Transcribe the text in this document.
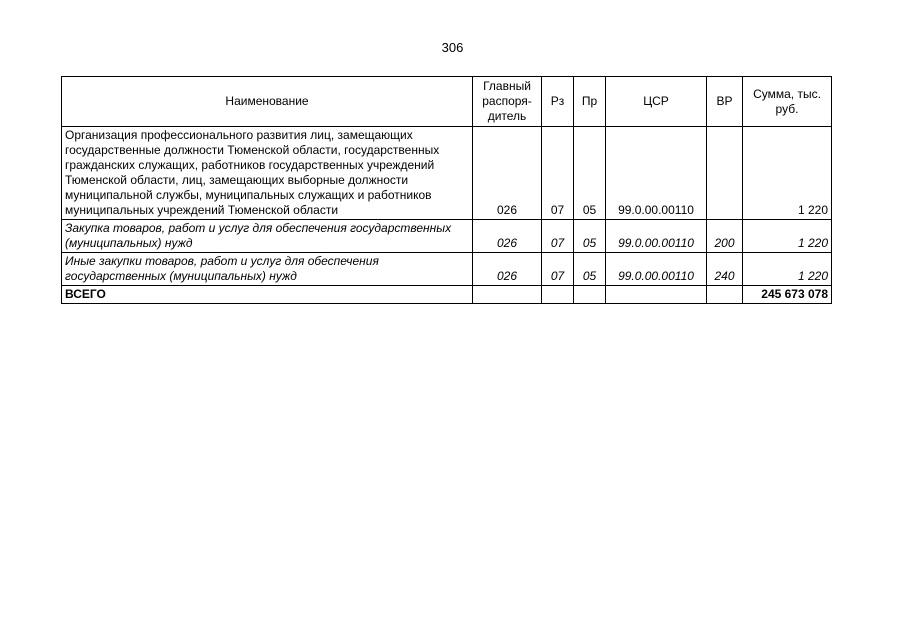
306
Наименование	Главный распоря-дитель	Рз	Пр	ЦСР	ВР	Сумма, тыс. руб.
Организация профессионального развития лиц, замещающих государственные должности Тюменской области, государственных гражданских служащих, работников государственных учреждений Тюменской области, лиц, замещающих выборные должности муниципальной службы, муниципальных служащих и работников муниципальных учреждений Тюменской области	026	07	05	99.0.00.00110		1 220
Закупка товаров, работ и услуг для обеспечения государственных (муниципальных) нужд	026	07	05	99.0.00.00110	200	1 220
Иные закупки товаров, работ и услуг для обеспечения государственных (муниципальных) нужд	026	07	05	99.0.00.00110	240	1 220
ВСЕГО						245 673 078
